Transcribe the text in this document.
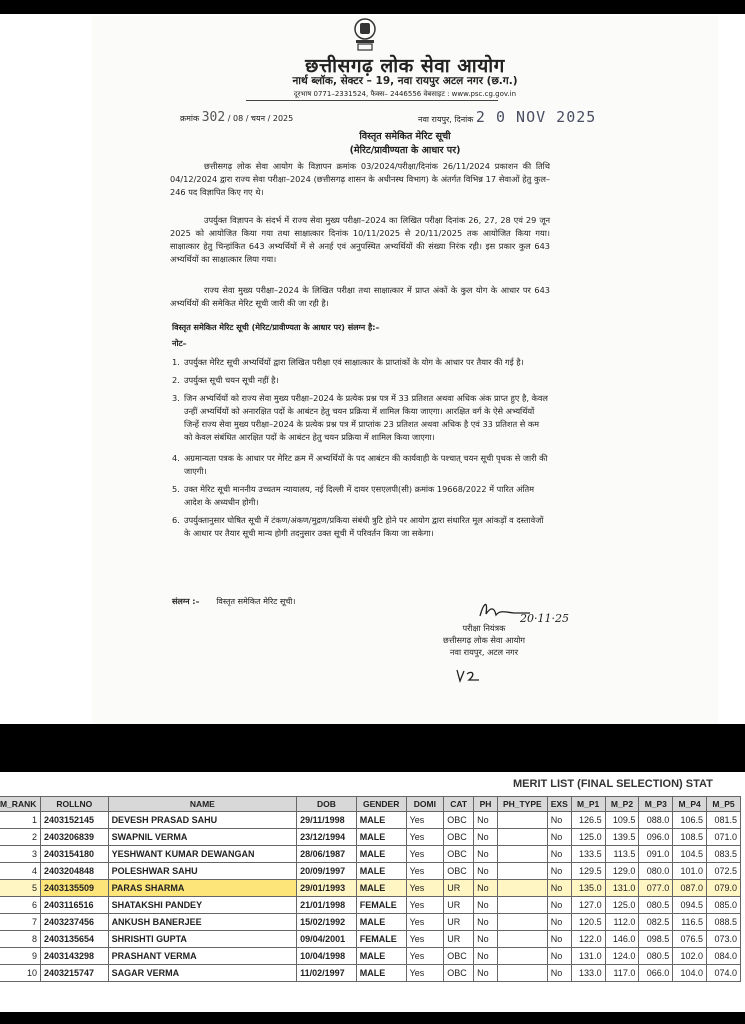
छत्तीसगढ़ लोक सेवा आयोग
नार्थ ब्लॉक, सेक्टर – 19, नवा रायपुर अटल नगर (छ.ग.)
दूरभाष 0771–2331524, फैक्स– 2446556 वेबसाइट : www.psc.cg.gov.in
क्रमांक 302 / 08 / चयन / 2025	नवा रायपुर, दिनांक 2 0 NOV 2025
विस्तृत समेकित मेरिट सूची
(मेरिट/प्रावीण्यता के आधार पर)
छत्तीसगढ़ लोक सेवा आयोग के विज्ञापन क्रमांक 03/2024/परीक्षा/दिनांक 26/11/2024 प्रकाशन की तिथि 04/12/2024 द्वारा राज्य सेवा परीक्षा–2024 (छत्तीसगढ़ शासन के अधीनस्थ विभाग) के अंतर्गत विभिन्न 17 सेवाओं हेतु कुल–246 पद विज्ञापित किए गए थे।
उपर्युक्त विज्ञापन के संदर्भ में राज्य सेवा मुख्य परीक्षा–2024 का लिखित परीक्षा दिनांक 26, 27, 28 एवं 29 जून 2025 को आयोजित किया गया तथा साक्षात्कार दिनांक 10/11/2025 से 20/11/2025 तक आयोजित किया गया। साक्षात्कार हेतु चिन्हांकित 643 अभ्यर्थियों में से अनर्ह एवं अनुपस्थित अभ्यर्थियों की संख्या निरंक रही। इस प्रकार कुल 643 अभ्यर्थियों का साक्षात्कार लिया गया।
राज्य सेवा मुख्य परीक्षा–2024 के लिखित परीक्षा तथा साक्षात्कार में प्राप्त अंकों के कुल योग के आधार पर 643 अभ्यर्थियों की समेकित मेरिट सूची जारी की जा रही है।
विस्तृत समेकित मेरिट सूची (मेरिट/प्रावीण्यता के आधार पर) संलग्न है:–
नोट–
1. उपर्युक्त मेरिट सूची अभ्यर्थियों द्वारा लिखित परीक्षा एवं साक्षात्कार के प्राप्तांकों के योग के आधार पर तैयार की गई है।
2. उपर्युक्त सूची चयन सूची नहीं है।
3. जिन अभ्यर्थियों को राज्य सेवा मुख्य परीक्षा–2024 के प्रत्येक प्रश्न पत्र में 33 प्रतिशत अथवा अधिक अंक प्राप्त हुए है, केवल उन्हीं अभ्यर्थियों को अनारक्षित पदों के आबंटन हेतु चयन प्रक्रिया में शामिल किया जाएगा। आरक्षित वर्ग के ऐसे अभ्यर्थियों जिन्हें राज्य सेवा मुख्य परीक्षा–2024 के प्रत्येक प्रश्न पत्र में प्राप्तांक 23 प्रतिशत अथवा अधिक है एवं 33 प्रतिशत से कम को केवल संबंधित आरक्षित पदों के आबंटन हेतु चयन प्रक्रिया में शामिल किया जाएगा।
4. अग्रमान्यता पत्रक के आधार पर मेरिट क्रम में अभ्यर्थियों के पद आबंटन की कार्यवाही के पश्चात् चयन सूची पृथक से जारी की जाएगी।
5. उक्त मेरिट सूची माननीय उच्चतम न्यायालय, नई दिल्ली में दायर एसएलपी(सी) क्रमांक 19668/2022 में पारित अंतिम आदेश के अध्यधीन होगी।
6. उपर्युक्तानुसार घोषित सूची में टंकण/अंकण/मुद्रण/प्रकिया संबंधी त्रुटि होने पर आयोग द्वारा संधारित मूल आंकड़ों व दस्तावेजों के आधार पर तैयार सूची मान्य होगी तदनुसार उक्त सूची में परिवर्तन किया जा सकेगा।
संलग्न :– विस्तृत समेकित मेरिट सूची।
20·11·25
परीक्षा नियंत्रक
छत्तीसगढ़ लोक सेवा आयोग
नवा रायपुर, अटल नगर
MERIT LIST (FINAL SELECTION) STAT
M_RANK	ROLLNO	NAME	DOB	GENDER	DOMI	CAT	PH	PH_TYPE	EXS	M_P1	M_P2	M_P3	M_P4	M_P5
1	2403152145	DEVESH PRASAD SAHU	29/11/1998	MALE	Yes	OBC	No		No	126.5	109.5	088.0	106.5	081.5
2	2403206839	SWAPNIL VERMA	23/12/1994	MALE	Yes	OBC	No		No	125.0	139.5	096.0	108.5	071.0
3	2403154180	YESHWANT KUMAR DEWANGAN	28/06/1987	MALE	Yes	OBC	No		No	133.5	113.5	091.0	104.5	083.5
4	2403204848	POLESHWAR SAHU	20/09/1997	MALE	Yes	OBC	No		No	129.5	129.0	080.0	101.0	072.5
5	2403135509	PARAS SHARMA	29/01/1993	MALE	Yes	UR	No		No	135.0	131.0	077.0	087.0	079.0
6	2403116516	SHATAKSHI PANDEY	21/01/1998	FEMALE	Yes	UR	No		No	127.0	125.0	080.5	094.5	085.0
7	2403237456	ANKUSH BANERJEE	15/02/1992	MALE	Yes	UR	No		No	120.5	112.0	082.5	116.5	088.5
8	2403135654	SHRISHTI GUPTA	09/04/2001	FEMALE	Yes	UR	No		No	122.0	146.0	098.5	076.5	073.0
9	2403143298	PRASHANT VERMA	10/04/1998	MALE	Yes	OBC	No		No	131.0	124.0	080.5	102.0	084.0
10	2403215747	SAGAR VERMA	11/02/1997	MALE	Yes	OBC	No		No	133.0	117.0	066.0	104.0	074.0
